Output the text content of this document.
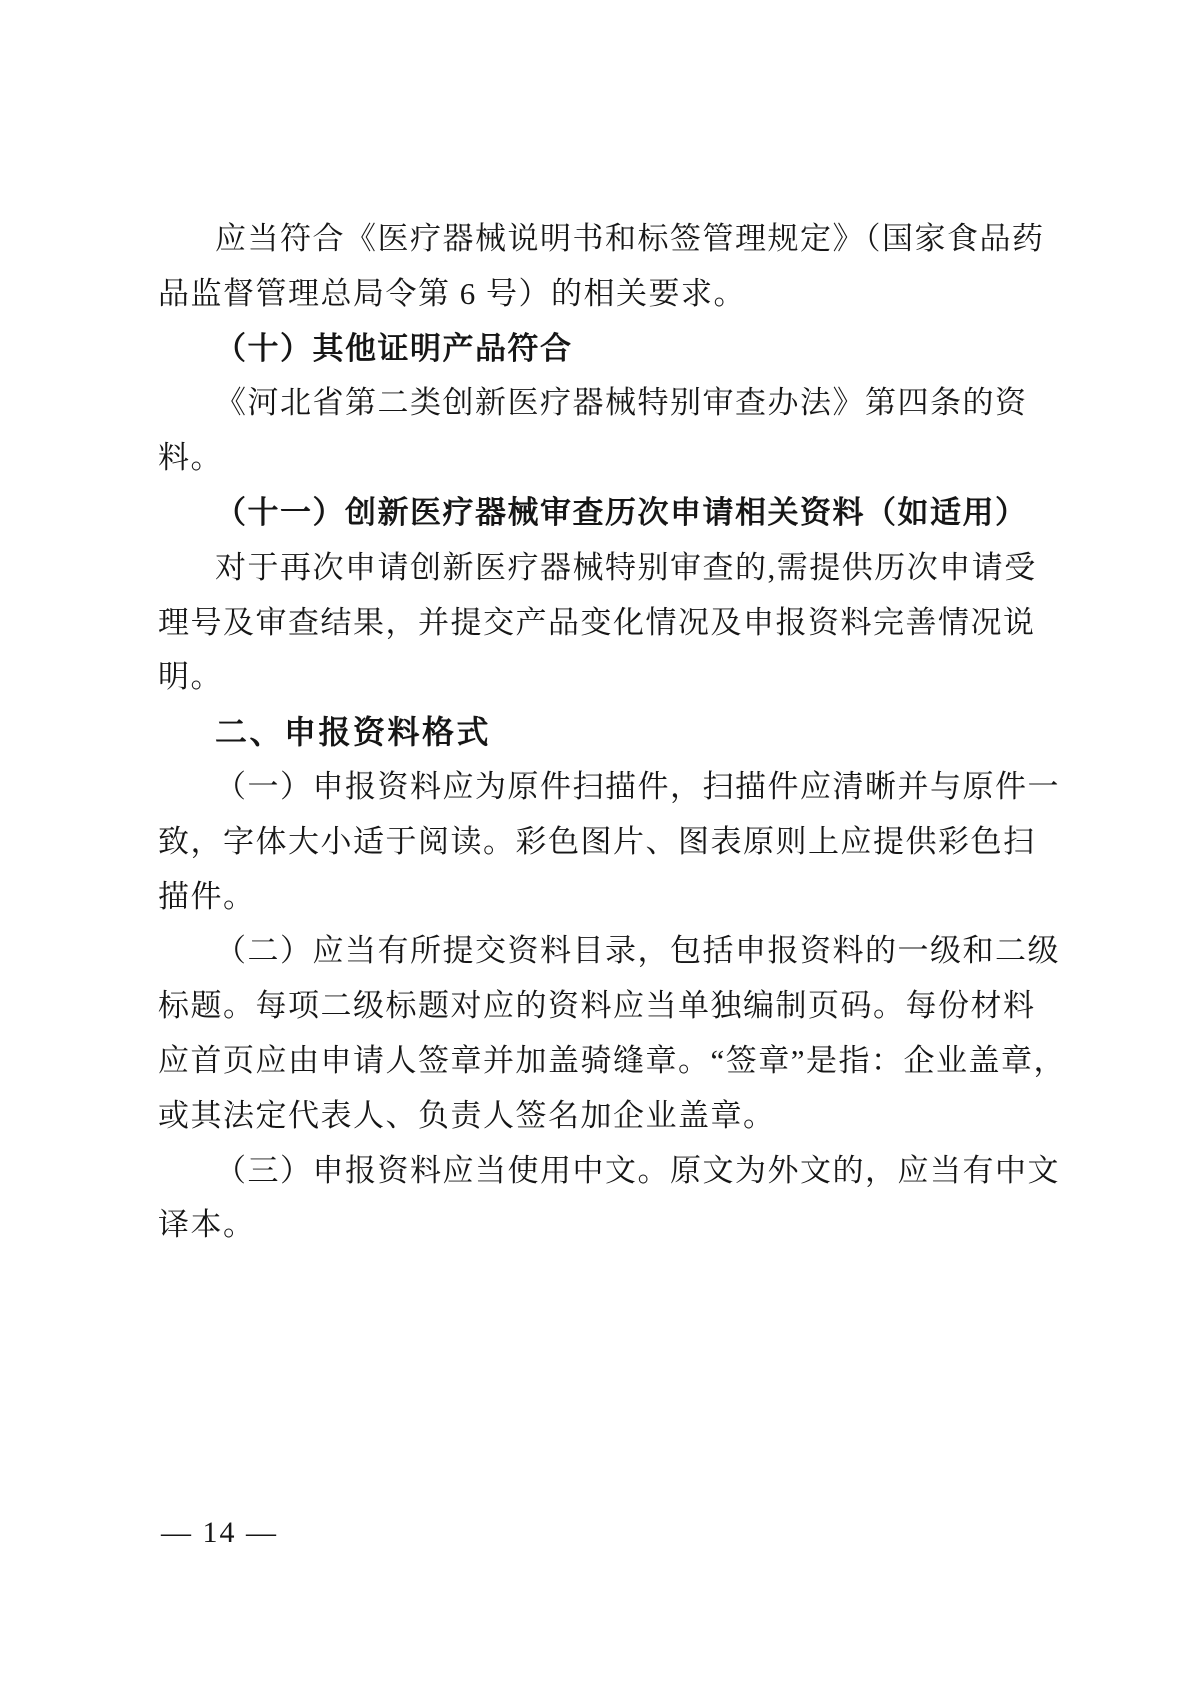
应当符合《医疗器械说明书和标签管理规定》（国家食品药
品监督管理总局令第 6 号）的相关要求。
（十）其他证明产品符合
《河北省第二类创新医疗器械特别审查办法》第四条的资
料。
（十一）创新医疗器械审查历次申请相关资料（如适用）
对于再次申请创新医疗器械特别审查的,需提供历次申请受
理号及审查结果，并提交产品变化情况及申报资料完善情况说
明。
二、申报资料格式
（一）申报资料应为原件扫描件，扫描件应清晰并与原件一
致，字体大小适于阅读。彩色图片、图表原则上应提供彩色扫
描件。
（二）应当有所提交资料目录，包括申报资料的一级和二级
标题。每项二级标题对应的资料应当单独编制页码。每份材料
应首页应由申请人签章并加盖骑缝章。“签章”是指：企业盖章，
或其法定代表人、负责人签名加企业盖章。
（三）申报资料应当使用中文。原文为外文的，应当有中文
译本。
— 14 —
